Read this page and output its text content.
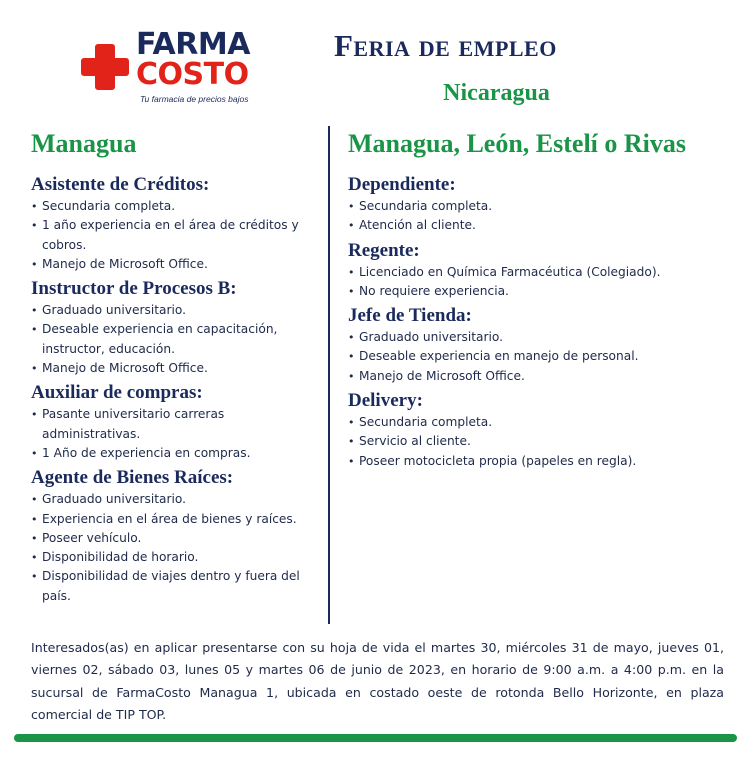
FARMA
COSTO
Tu farmacia de precios bajos
Feria de empleo
Nicaragua
Managua
Asistente de Créditos:
• Secundaria completa.
• 1 año experiencia en el área de créditos y cobros.
• Manejo de Microsoft Office.
Instructor de Procesos B:
• Graduado universitario.
• Deseable experiencia en capacitación, instructor, educación.
• Manejo de Microsoft Office.
Auxiliar de compras:
• Pasante universitario carreras administrativas.
• 1 Año de experiencia en compras.
Agente de Bienes Raíces:
• Graduado universitario.
• Experiencia en el área de bienes y raíces.
• Poseer vehículo.
• Disponibilidad de horario.
• Disponibilidad de viajes dentro y fuera del país.
Managua, León, Estelí o Rivas
Dependiente:
• Secundaria completa.
• Atención al cliente.
Regente:
• Licenciado en Química Farmacéutica (Colegiado).
• No requiere experiencia.
Jefe de Tienda:
• Graduado universitario.
• Deseable experiencia en manejo de personal.
• Manejo de Microsoft Office.
Delivery:
• Secundaria completa.
• Servicio al cliente.
• Poseer motocicleta propia (papeles en regla).

Interesados(as) en aplicar presentarse con su hoja de vida el martes 30, miércoles 31 de mayo, jueves 01, viernes 02, sábado 03, lunes 05 y martes 06 de junio de 2023, en horario de 9:00 a.m. a 4:00 p.m. en la sucursal de FarmaCosto Managua 1, ubicada en costado oeste de rotonda Bello Horizonte, en plaza comercial de TIP TOP.
